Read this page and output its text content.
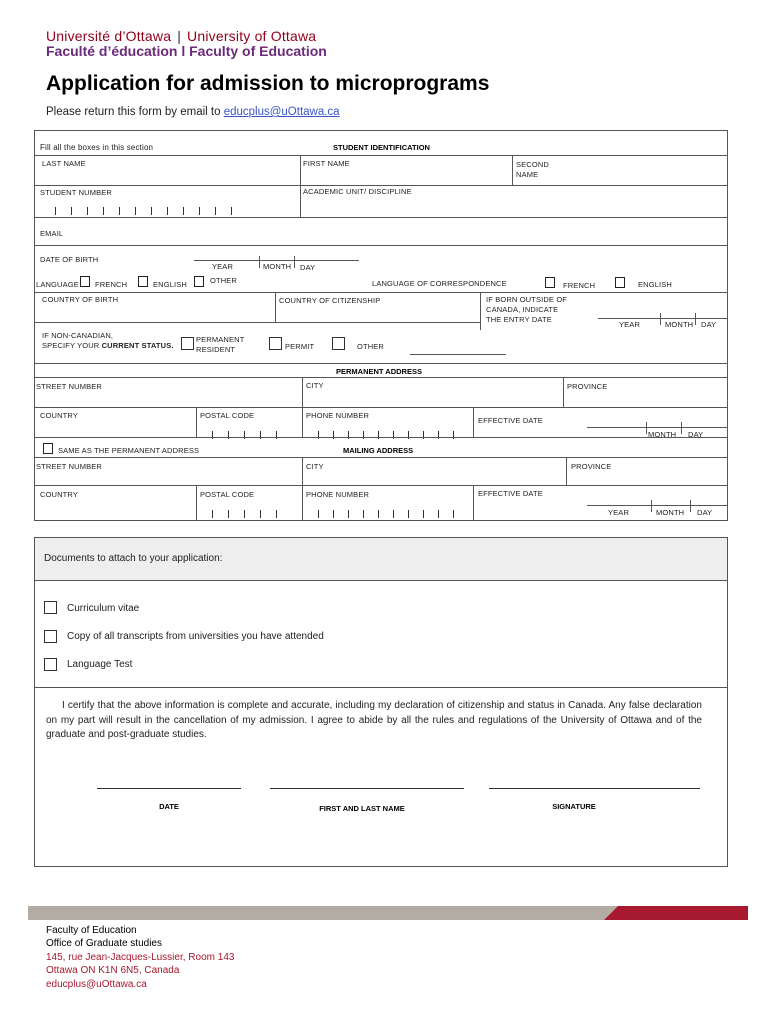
Université d’Ottawa | University of Ottawa
Faculté d’éducation l Faculty of Education
Application for admission to microprograms
Please return this form by email to educplus@uOttawa.ca
Fill all the boxes in this section	STUDENT IDENTIFICATION
LAST NAME	FIRST NAME	SECOND
NAME
STUDENT NUMBER	ACADEMIC UNIT/ DISCIPLINE
EMAIL
DATE OF BIRTH
YEAR	MONTH DAY
LANGUAGE FRENCH	ENGLISH	OTHER	LANGUAGE OF CORRESPONDENCE	FRENCH	ENGLISH
COUNTRY OF BIRTH	COUNTRY OF CITIZENSHIP	IF BORN OUTSIDE OF
CANADA, INDICATE
THE ENTRY DATE
YEAR	MONTH DAY
IF NON-CANADIAN,
SPECIFY YOUR CURRENT STATUS.
PERMANENT
RESIDENT	PERMIT	OTHER
PERMANENT ADDRESS
STREET NUMBER	CITY	PROVINCE
COUNTRY	POSTAL CODE	PHONE NUMBER
EFFECTIVE DATE
MONTH DAY
SAME AS THE PERMANENT ADDRESS	MAILING ADDRESS
STREET NUMBER	CITY	PROVINCE
COUNTRY	POSTAL CODE	PHONE NUMBER	EFFECTIVE DATE
YEAR	MONTH DAY
Documents to attach to your application:
Curriculum vitae
Copy of all transcripts from universities you have attended
Language Test
I certify that the above information is complete and accurate, including my declaration of citizenship and status in Canada. Any false declaration on my part will result in the cancellation of my admission. I agree to abide by all the rules and regulations of the University of Ottawa and of the graduate and post-graduate studies.
DATE	FIRST AND LAST NAME	SIGNATURE
Faculty of Education
Office of Graduate studies
145, rue Jean-Jacques-Lussier, Room 143
Ottawa ON K1N 6N5, Canada
educplus@uOttawa.ca
